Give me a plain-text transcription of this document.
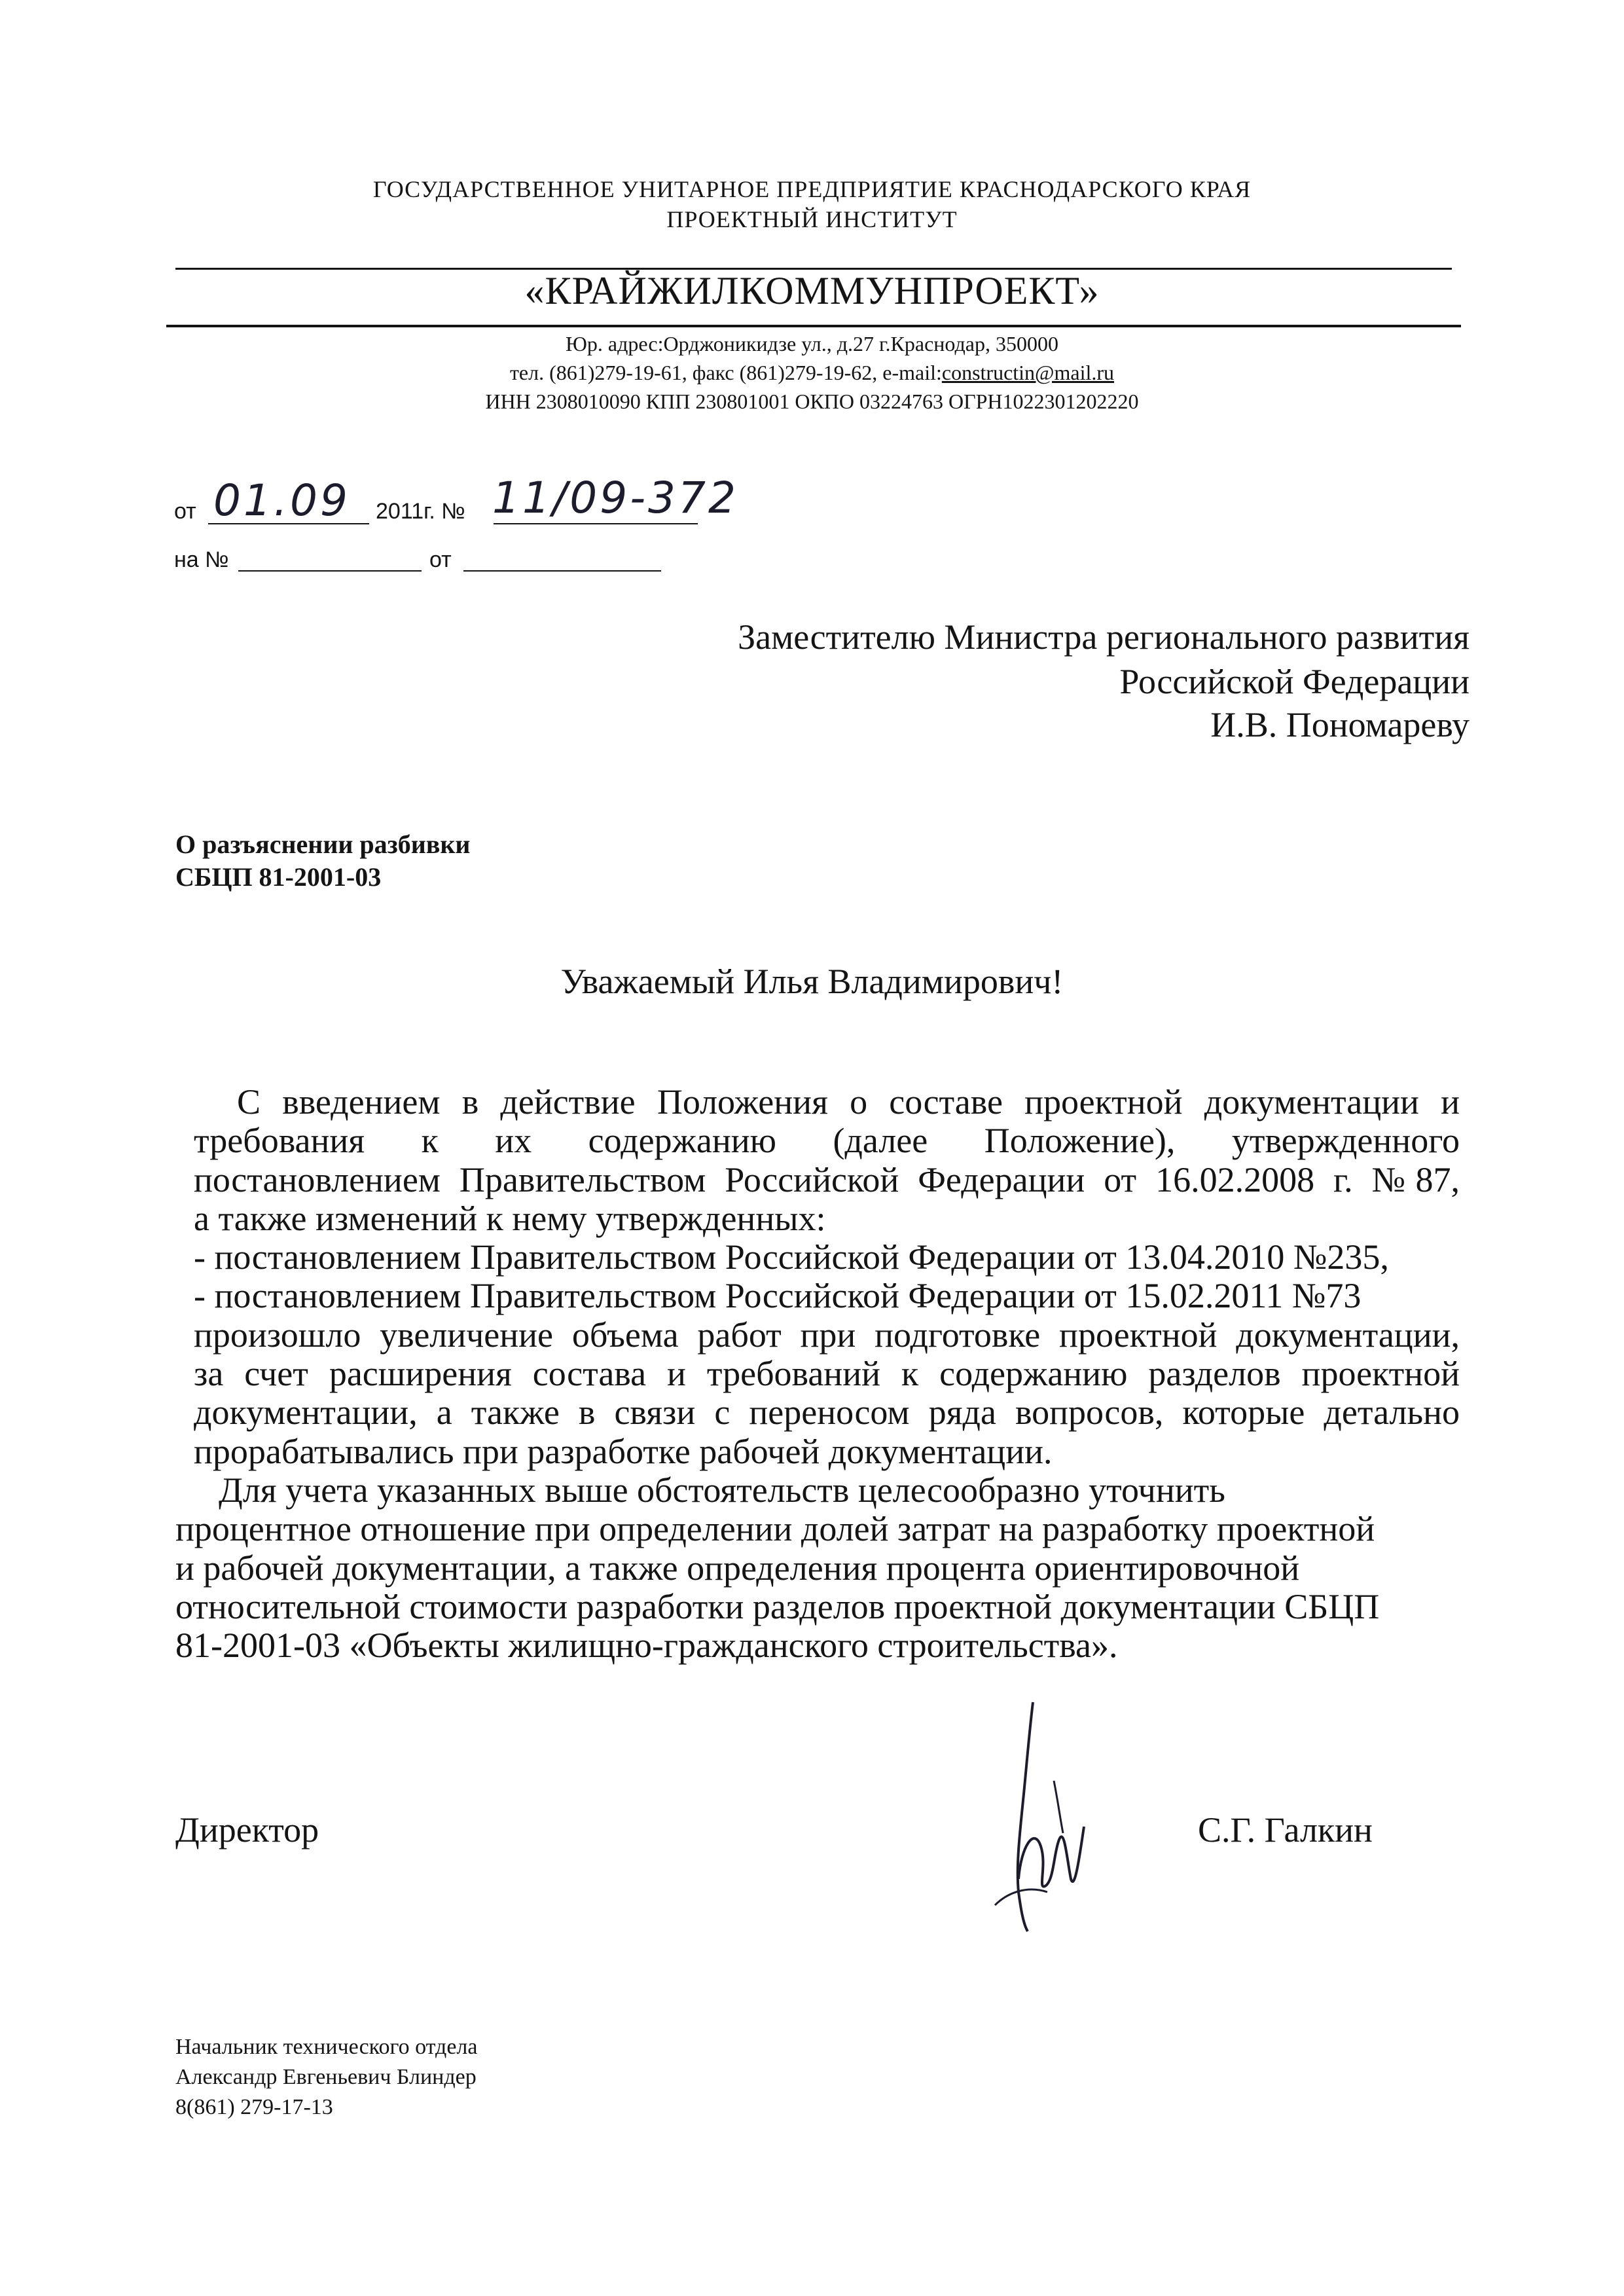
ГОСУДАРСТВЕННОЕ УНИТАРНОЕ ПРЕДПРИЯТИЕ КРАСНОДАРСКОГО КРАЯ
ПРОЕКТНЫЙ ИНСТИТУТ
«КРАЙЖИЛКОММУНПРОЕКТ»
Юр. адрес:Орджоникидзе ул., д.27 г.Краснодар, 350000
тел. (861)279-19-61, факс (861)279-19-62, e-mail:constructin@mail.ru
ИНН 2308010090 КПП 230801001 ОКПО 03224763 ОГРН1022301202220
от 01.09 2011г. № 11/09-372
на №	от
Заместителю Министра регионального развития
Российской Федерации
И.В. Пономареву
О разъяснении разбивки
СБЦП 81-2001-03
Уважаемый Илья Владимирович!
С введением в действие Положения о составе проектной документации и
требования к их содержанию (далее Положение), утвержденного
постановлением Правительством Российской Федерации от 16.02.2008 г. №87,
а также изменений к нему утвержденных:
- постановлением Правительством Российской Федерации от 13.04.2010 №235,
- постановлением Правительством Российской Федерации от 15.02.2011 №73
произошло увеличение объема работ при подготовке проектной документации,
за счет расширения состава и требований к содержанию разделов проектной
документации, а также в связи с переносом ряда вопросов, которые детально
прорабатывались при разработке рабочей документации.
Для учета указанных выше обстоятельств целесообразно уточнить
процентное отношение при определении долей затрат на разработку проектной
и рабочей документации, а также определения процента ориентировочной
относительной стоимости разработки разделов проектной документации СБЦП
81-2001-03 «Объекты жилищно-гражданского строительства».
Директор	С.Г. Галкин
Начальник технического отдела
Александр Евгеньевич Блиндер
8(861) 279-17-13
